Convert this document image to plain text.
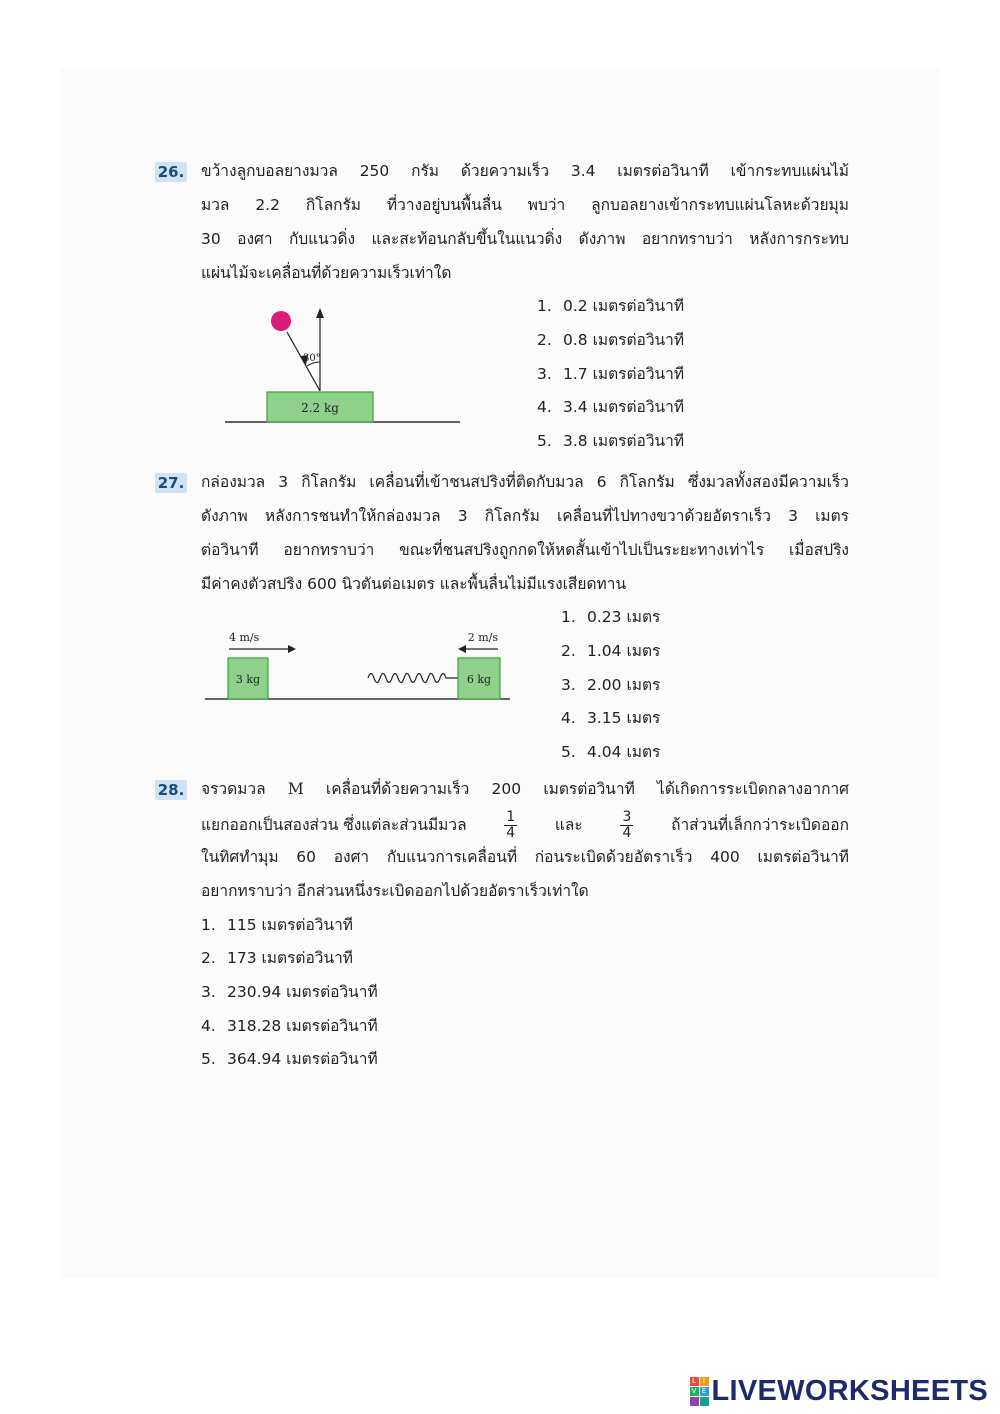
26. ขว้างลูกบอลยางมวล 250 กรัม ด้วยความเร็ว 3.4 เมตรต่อวินาที เข้ากระทบแผ่นไม้
มวล 2.2 กิโลกรัม ที่วางอยู่บนพื้นลื่น พบว่า ลูกบอลยางเข้ากระทบแผ่นโลหะด้วยมุม
30 องศา กับแนวดิ่ง และสะท้อนกลับขึ้นในแนวดิ่ง ดังภาพ อยากทราบว่า หลังการกระทบ
แผ่นไม้จะเคลื่อนที่ด้วยความเร็วเท่าใด
2.2 kg
30°
1. 0.2 เมตรต่อวินาที
2. 0.8 เมตรต่อวินาที
3. 1.7 เมตรต่อวินาที
4. 3.4 เมตรต่อวินาที
5. 3.8 เมตรต่อวินาที
27. กล่องมวล 3 กิโลกรัม เคลื่อนที่เข้าชนสปริงที่ติดกับมวล 6 กิโลกรัม ซึ่งมวลทั้งสองมีความเร็ว
ดังภาพ หลังการชนทำให้กล่องมวล 3 กิโลกรัม เคลื่อนที่ไปทางขวาด้วยอัตราเร็ว 3 เมตร
ต่อวินาที อยากทราบว่า ขณะที่ชนสปริงถูกกดให้หดสั้นเข้าไปเป็นระยะทางเท่าไร เมื่อสปริง
มีค่าคงตัวสปริง 600 นิวตันต่อเมตร และพื้นลื่นไม่มีแรงเสียดทาน
4 m/s
3 kg
2 m/s
6 kg
1. 0.23 เมตร
2. 1.04 เมตร
3. 2.00 เมตร
4. 3.15 เมตร
5. 4.04 เมตร
28. จรวดมวล M เคลื่อนที่ด้วยความเร็ว 200 เมตรต่อวินาที ได้เกิดการระเบิดกลางอากาศ
แยกออกเป็นสองส่วน ซึ่งแต่ละส่วนมีมวล	$\frac{1}{4}$ และ	$\frac{3}{4}$ ถ้าส่วนที่เล็กกว่าระเบิดออก
ในทิศทำมุม 60 องศา กับแนวการเคลื่อนที่ ก่อนระเบิดด้วยอัตราเร็ว 400 เมตรต่อวินาที
อยากทราบว่า อีกส่วนหนึ่งระเบิดออกไปด้วยอัตราเร็วเท่าใด
1. 115 เมตรต่อวินาที
2. 173 เมตรต่อวินาที
3. 230.94 เมตรต่อวินาที
4. 318.28 เมตรต่อวินาที
5. 364.94 เมตรต่อวินาที
L	I
V E LIVEWORKSHEETS
